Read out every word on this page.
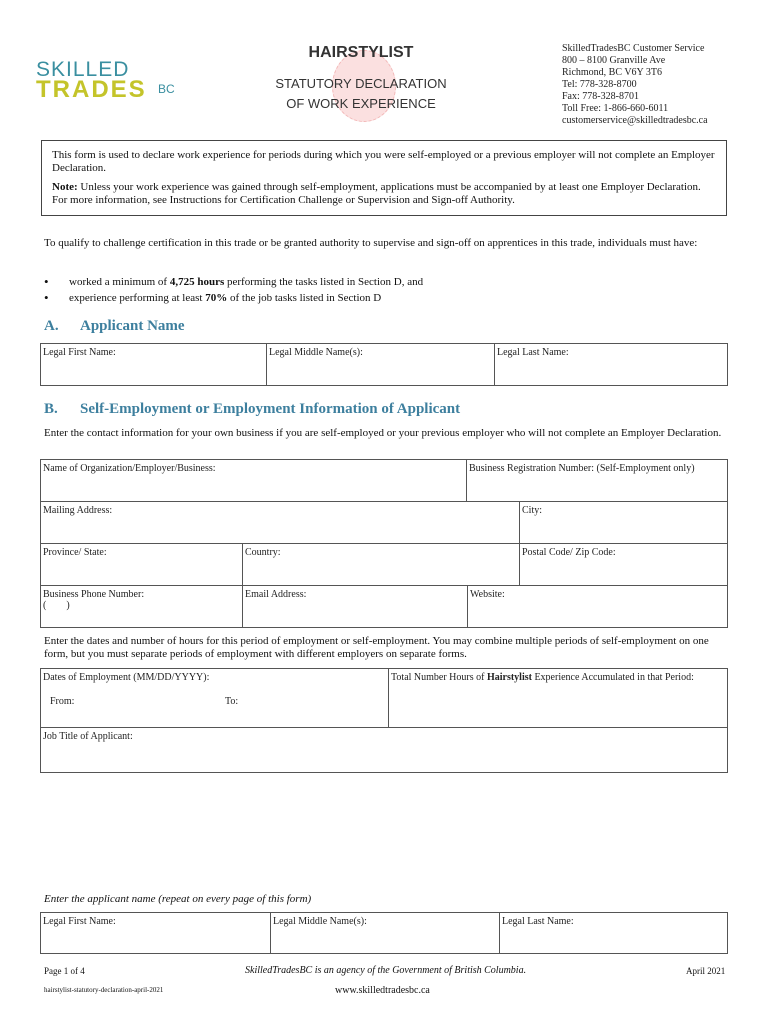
SKILLED
TRADES BC
HAIRSTYLIST
STATUTORY DECLARATION
OF WORK EXPERIENCE
SkilledTradesBC Customer Service
800 – 8100 Granville Ave
Richmond, BC V6Y 3T6
Tel: 778-328-8700
Fax: 778-328-8701
Toll Free: 1-866-660-6011
customerservice@skilledtradesbc.ca

This form is used to declare work experience for periods during which you were self-employed or a previous employer will not complete an Employer Declaration.

Note: Unless your work experience was gained through self-employment, applications must be accompanied by at least one Employer Declaration. For more information, see Instructions for Certification Challenge or Supervision and Sign-off Authority.

To qualify to challenge certification in this trade or be granted authority to supervise and sign-off on apprentices in this trade, individuals must have:
• worked a minimum of 4,725 hours performing the tasks listed in Section D, and
• experience performing at least 70% of the job tasks listed in Section D
A. Applicant Name
Legal First Name:	Legal Middle Name(s):	Legal Last Name:
B. Self-Employment or Employment Information of Applicant
Enter the contact information for your own business if you are self-employed or your previous employer who will not complete an Employer Declaration.
Name of Organization/Employer/Business:	Business Registration Number: (Self-Employment only)
Mailing Address:	City:
Province/ State:	Country:	Postal Code/ Zip Code:
Business Phone Number:
(        )
Email Address:	Website:
Enter the dates and number of hours for this period of employment or self-employment. You may combine multiple periods of self-employment on one form, but you must separate periods of employment with different employers on separate forms.
Dates of Employment (MM/DD/YYYY):
From:	To:
Total Number Hours of Hairstylist Experience Accumulated in that Period:
Job Title of Applicant:
Enter the applicant name (repeat on every page of this form)
Legal First Name:	Legal Middle Name(s):	Legal Last Name:
Page 1 of 4	SkilledTradesBC is an agency of the Government of British Columbia.	April 2021
hairstylist-statutory-declaration-april-2021	www.skilledtradesbc.ca
